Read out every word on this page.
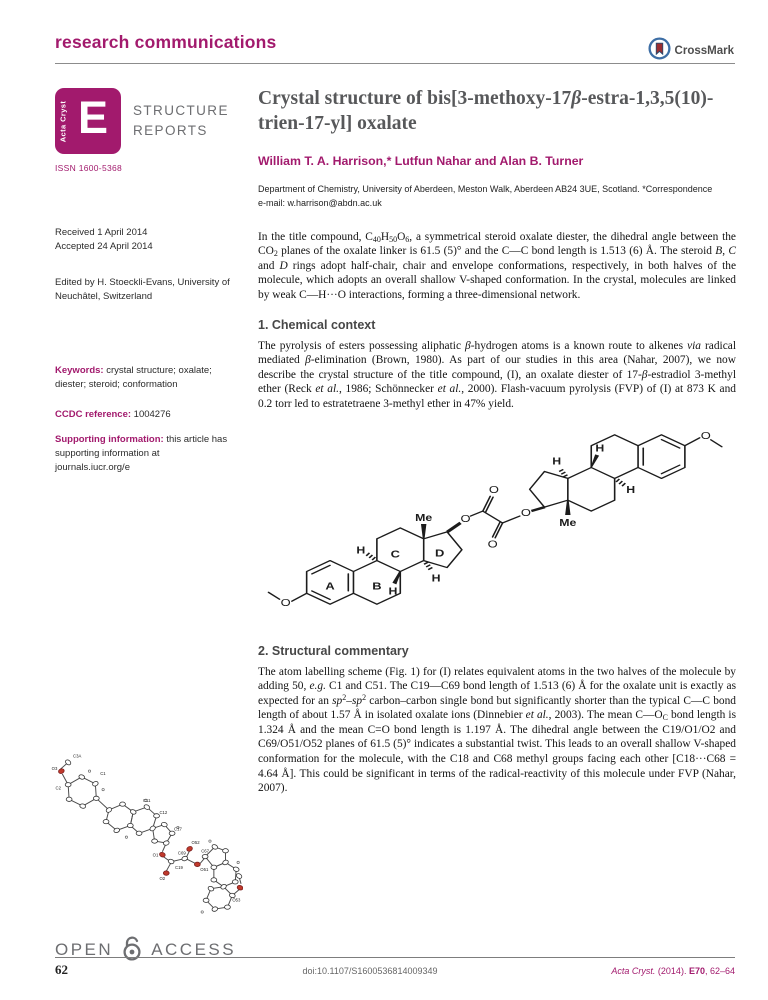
research communications	CrossMark
Acta Cryst E STRUCTURE
REPORTS
ISSN 1600-5368
Received 1 April 2014
Accepted 24 April 2014
Edited by H. Stoeckli-Evans, University of Neuchâtel, Switzerland
Keywords: crystal structure; oxalate; diester; steroid; conformation
CCDC reference: 1004276
Supporting information: this article has supporting information at journals.iucr.org/e
O3
C3A
C2
C1
C11
C12
C17
O1
C19
O2
O52
C69
O51
C67
O53
OPEN ACCESS
Crystal structure of bis[3-methoxy-17β-estra-1,3,5(10)-trien-17-yl] oxalate
William T. A. Harrison,* Lutfun Nahar and Alan B. Turner
Department of Chemistry, University of Aberdeen, Meston Walk, Aberdeen AB24 3UE, Scotland. *Correspondence e-mail: w.harrison@abdn.ac.uk
In the title compound, $C_{40}H_{50}O_6$, a symmetrical steroid oxalate diester, the dihedral angle between the $CO_2$ planes of the oxalate linker is 61.5 (5)° and the C—C bond length is 1.513 (6) Å. The steroid B, C and D rings adopt half-chair, chair and envelope conformations, respectively, in both halves of the molecule, which adopts an overall shallow V-shaped conformation. In the crystal, molecules are linked by weak C—H···O interactions, forming a three-dimensional network.
1. Chemical context
The pyrolysis of esters possessing aliphatic β-hydrogen atoms is a known route to alkenes via radical mediated β-elimination (Brown, 1980). As part of our studies in this area (Nahar, 2007), we now describe the crystal structure of the title compound, (I), an oxalate diester of 17-β-estradiol 3-methyl ether (Reck et al., 1986; Schönnecker et al., 2000). Flash-vacuum pyrolysis (FVP) of (I) at 873 K and 0.2 torr led to estratetraene 3-methyl ether in 47% yield.
A	B
C	D
Me	Me
H
H
H
H
H
H
O
O
O
O
O
O
2. Structural commentary
The atom labelling scheme (Fig. 1) for (I) relates equivalent atoms in the two halves of the molecule by adding 50, e.g. C1 and C51. The C19—C69 bond length of 1.513 (6) Å for the oxalate unit is exactly as expected for an $sp^2-sp^2$ carbon–carbon single bond but significantly shorter than the typical C—C bond length of about 1.57 Å in isolated oxalate ions (Dinnebier et al., 2003). The mean $C—O_C$ bond length is 1.324 Å and the mean C=O bond length is 1.197 Å. The dihedral angle between the C19/O1/O2 and C69/O51/O52 planes of 61.5 (5)° indicates a substantial twist. This leads to an overall shallow V-shaped conformation for the molecule, with the C18 and C68 methyl groups facing each other [C18···C68 = 4.64 Å]. This could be significant in terms of the radical-reactivity of this molecule under FVP (Nahar, 2007).
62	doi:10.1107/S1600536814009349	Acta Cryst. (2014). E70, 62–64
